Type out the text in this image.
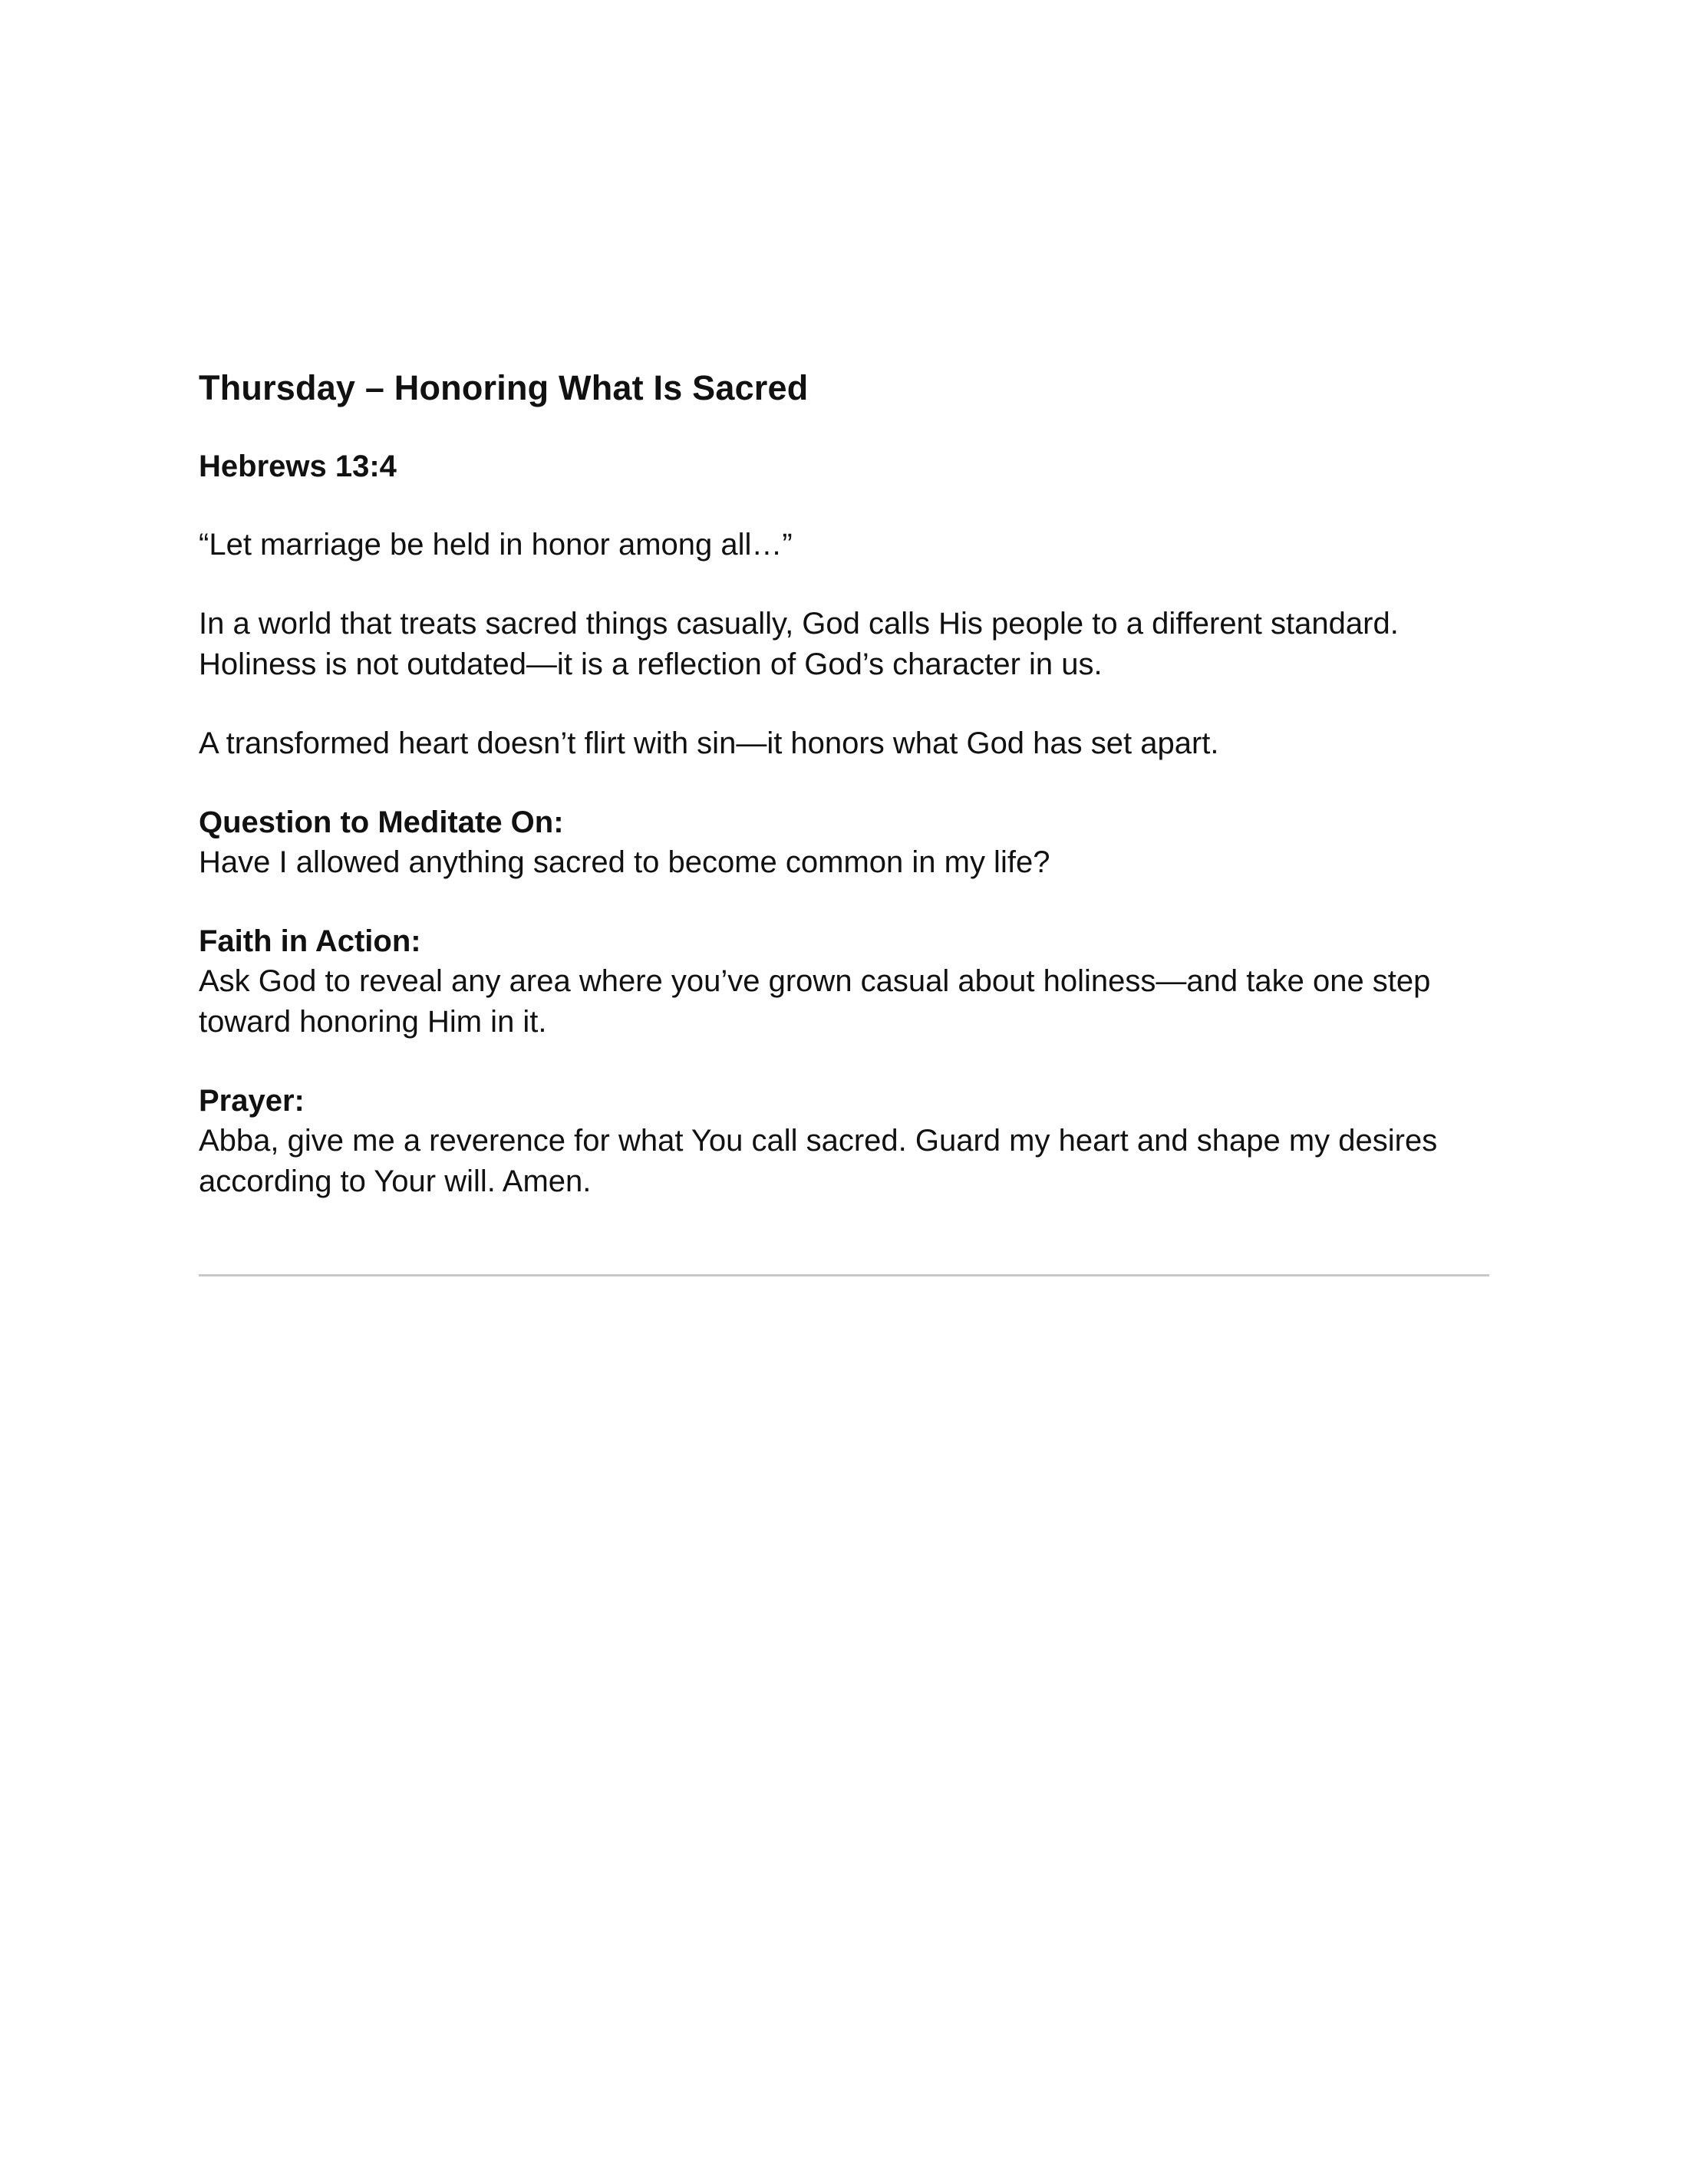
Thursday – Honoring What Is Sacred
Hebrews 13:4

“Let marriage be held in honor among all…”

In a world that treats sacred things casually, God calls His people to a different standard. Holiness is not outdated—it is a reflection of God’s character in us.

A transformed heart doesn’t flirt with sin—it honors what God has set apart.

Question to Meditate On:

Have I allowed anything sacred to become common in my life?

Faith in Action:

Ask God to reveal any area where you’ve grown casual about holiness—and take one step toward honoring Him in it.

Prayer:

Abba, give me a reverence for what You call sacred. Guard my heart and shape my desires according to Your will. Amen.
